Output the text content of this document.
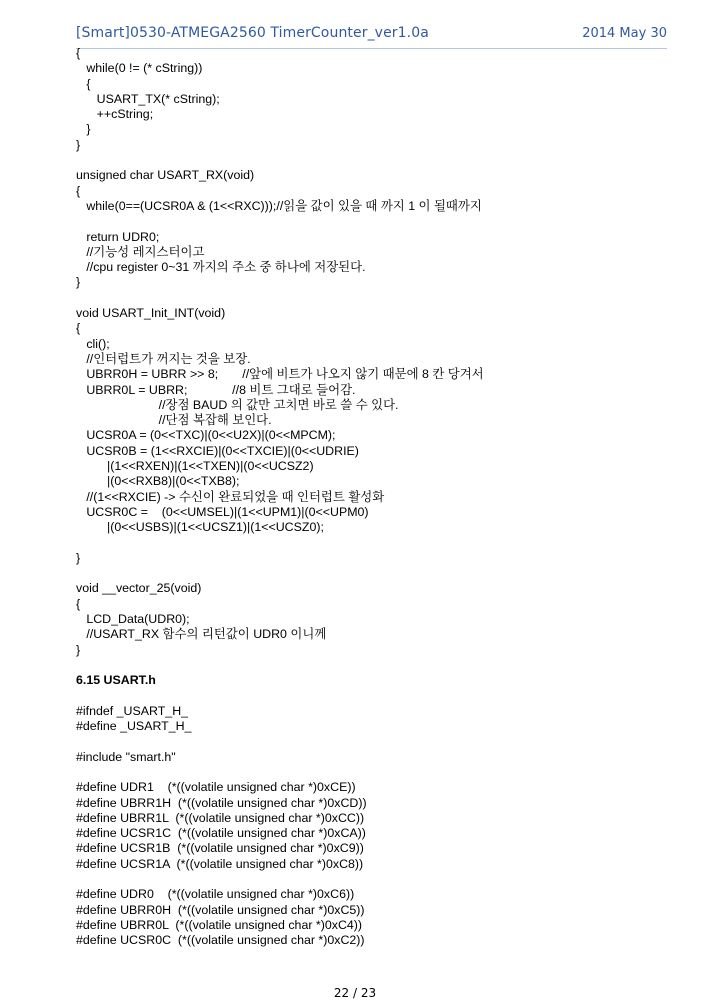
[Smart]0530-ATMEGA2560 TimerCounter_ver1.0a	2014 May 30
{
while(0 != (* cString))
{
USART_TX(* cString);
++cString;
}
}
unsigned char USART_RX(void)
{
while(0==(UCSR0A & (1<<RXC)));//읽을 값이 있을 때 까지 1 이 될때까지
return UDR0;
//기능성 레지스터이고
//cpu register 0~31 까지의 주소 중 하나에 저장된다.
}
void USART_Init_INT(void)
{
cli();
//인터럽트가 꺼지는 것을 보장.
UBRR0H = UBRR >> 8;       //앞에 비트가 나오지 않기 때문에 8 칸 당겨서
UBRR0L = UBRR;             //8 비트 그대로 들어감.
//장점 BAUD 의 값만 고치면 바로 쓸 수 있다.
//단점 복잡해 보인다.
UCSR0A = (0<<TXC)|(0<<U2X)|(0<<MPCM);
UCSR0B = (1<<RXCIE)|(0<<TXCIE)|(0<<UDRIE)
|(1<<RXEN)|(1<<TXEN)|(0<<UCSZ2)
|(0<<RXB8)|(0<<TXB8);
//(1<<RXCIE) -> 수신이 완료되었을 때 인터럽트 활성화
UCSR0C =    (0<<UMSEL)|(1<<UPM1)|(0<<UPM0)
|(0<<USBS)|(1<<UCSZ1)|(1<<UCSZ0);
}
void __vector_25(void)
{
LCD_Data(UDR0);
//USART_RX 함수의 리턴값이 UDR0 이니께
}
6.15 USART.h
#ifndef _USART_H_
#define _USART_H_
#include "smart.h"
#define UDR1    (*((volatile unsigned char *)0xCE))
#define UBRR1H  (*((volatile unsigned char *)0xCD))
#define UBRR1L  (*((volatile unsigned char *)0xCC))
#define UCSR1C  (*((volatile unsigned char *)0xCA))
#define UCSR1B  (*((volatile unsigned char *)0xC9))
#define UCSR1A  (*((volatile unsigned char *)0xC8))
#define UDR0    (*((volatile unsigned char *)0xC6))
#define UBRR0H  (*((volatile unsigned char *)0xC5))
#define UBRR0L  (*((volatile unsigned char *)0xC4))
#define UCSR0C  (*((volatile unsigned char *)0xC2))
22 / 23
